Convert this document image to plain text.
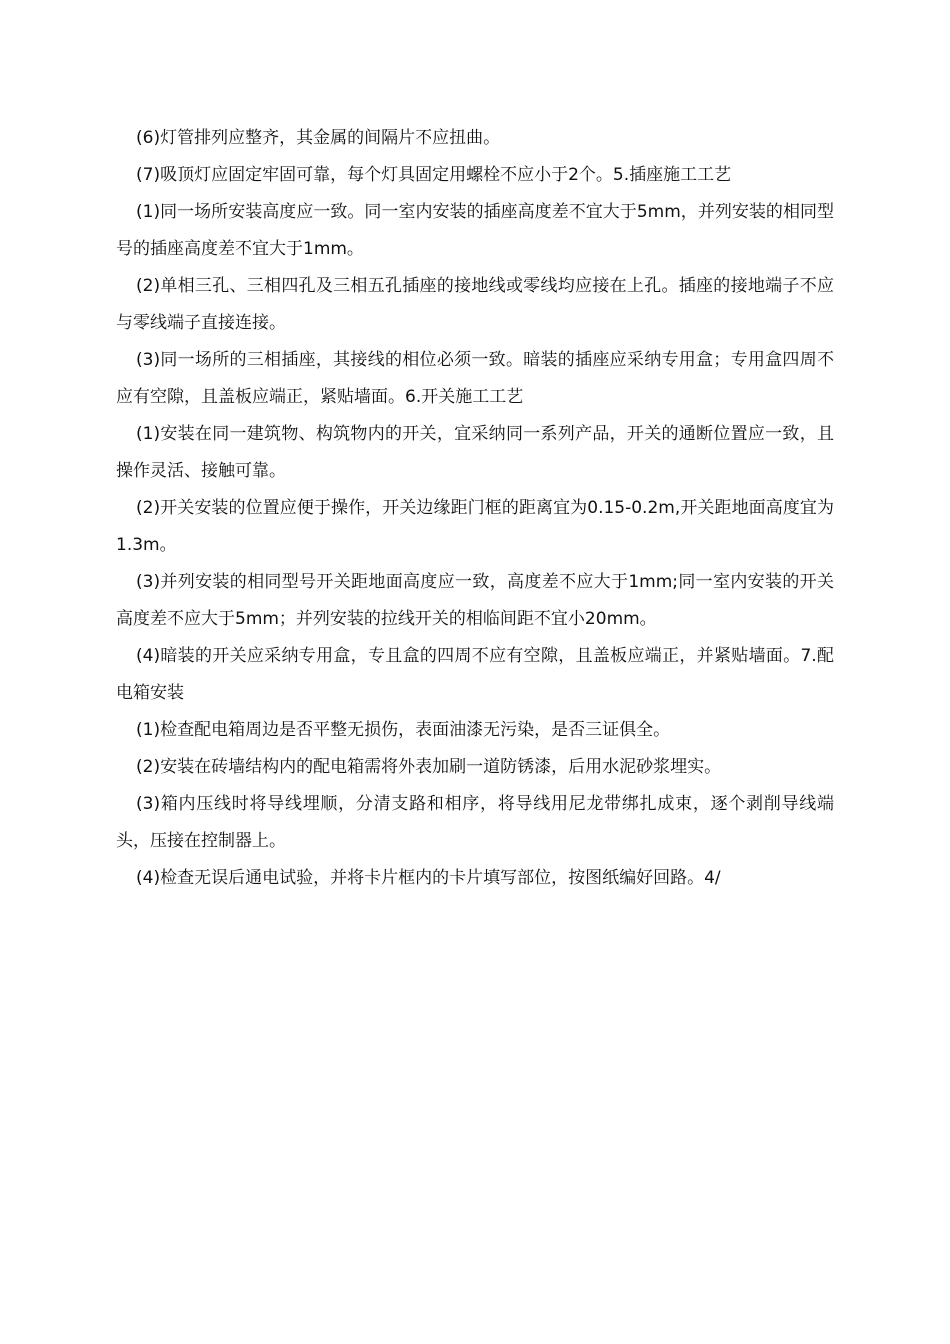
(6)灯管排列应整齐，其金属的间隔片不应扭曲。

(7)吸顶灯应固定牢固可靠，每个灯具固定用螺栓不应小于2个。5.插座施工工艺

(1)同一场所安装高度应一致。同一室内安装的插座高度差不宜大于5mm，并列安装的相同型号的插座高度差不宜大于1mm。

(2)单相三孔、三相四孔及三相五孔插座的接地线或零线均应接在上孔。插座的接地端子不应与零线端子直接连接。

(3)同一场所的三相插座，其接线的相位必须一致。暗装的插座应采纳专用盒；专用盒四周不应有空隙，且盖板应端正，紧贴墙面。6.开关施工工艺

(1)安装在同一建筑物、构筑物内的开关，宜采纳同一系列产品，开关的通断位置应一致，且操作灵活、接触可靠。

(2)开关安装的位置应便于操作，开关边缘距门框的距离宜为0.15-0.2m,开关距地面高度宜为1.3m。

(3)并列安装的相同型号开关距地面高度应一致，高度差不应大于1mm;同一室内安装的开关高度差不应大于5mm；并列安装的拉线开关的相临间距不宜小20mm。

(4)暗装的开关应采纳专用盒，专且盒的四周不应有空隙，且盖板应端正，并紧贴墙面。7.配电箱安装

(1)检查配电箱周边是否平整无损伤，表面油漆无污染，是否三证俱全。

(2)安装在砖墙结构内的配电箱需将外表加刷一道防锈漆，后用水泥砂浆埋实。

(3)箱内压线时将导线埋顺，分清支路和相序，将导线用尼龙带绑扎成束，逐个剥削导线端头，压接在控制器上。

(4)检查无误后通电试验，并将卡片框内的卡片填写部位，按图纸编好回路。4/
